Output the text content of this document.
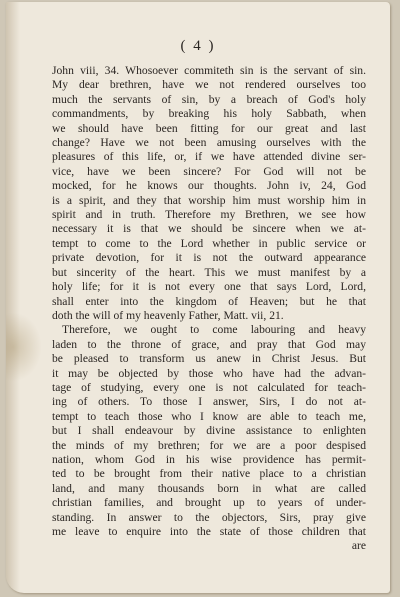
( 4 )
John viii, 34. Whosoever commiteth sin is the servant of sin.
My dear brethren, have we not rendered ourselves too
much the servants of sin, by a breach of God's holy
commandments, by breaking his holy Sabbath, when
we should have been fitting for our great and last
change? Have we not been amusing ourselves with the
pleasures of this life, or, if we have attended divine ser-
vice, have we been sincere? For God will not be
mocked, for he knows our thoughts. John iv, 24, God
is a spirit, and they that worship him must worship him in
spirit and in truth. Therefore my Brethren, we see how
necessary it is that we should be sincere when we at-
tempt to come to the Lord whether in public service or
private devotion, for it is not the outward appearance
but sincerity of the heart. This we must manifest by a
holy life; for it is not every one that says Lord, Lord,
shall enter into the kingdom of Heaven; but he that
doth the will of my heavenly Father, Matt. vii, 21.
Therefore, we ought to come labouring and heavy
laden to the throne of grace, and pray that God may
be pleased to transform us anew in Christ Jesus. But
it may be objected by those who have had the advan-
tage of studying, every one is not calculated for teach-
ing of others. To those I answer, Sirs, I do not at-
tempt to teach those who I know are able to teach me,
but I shall endeavour by divine assistance to enlighten
the minds of my brethren; for we are a poor despised
nation, whom God in his wise providence has permit-
ted to be brought from their native place to a christian
land, and many thousands born in what are called
christian families, and brought up to years of under-
standing. In answer to the objectors, Sirs, pray give
me leave to enquire into the state of those children that
are
